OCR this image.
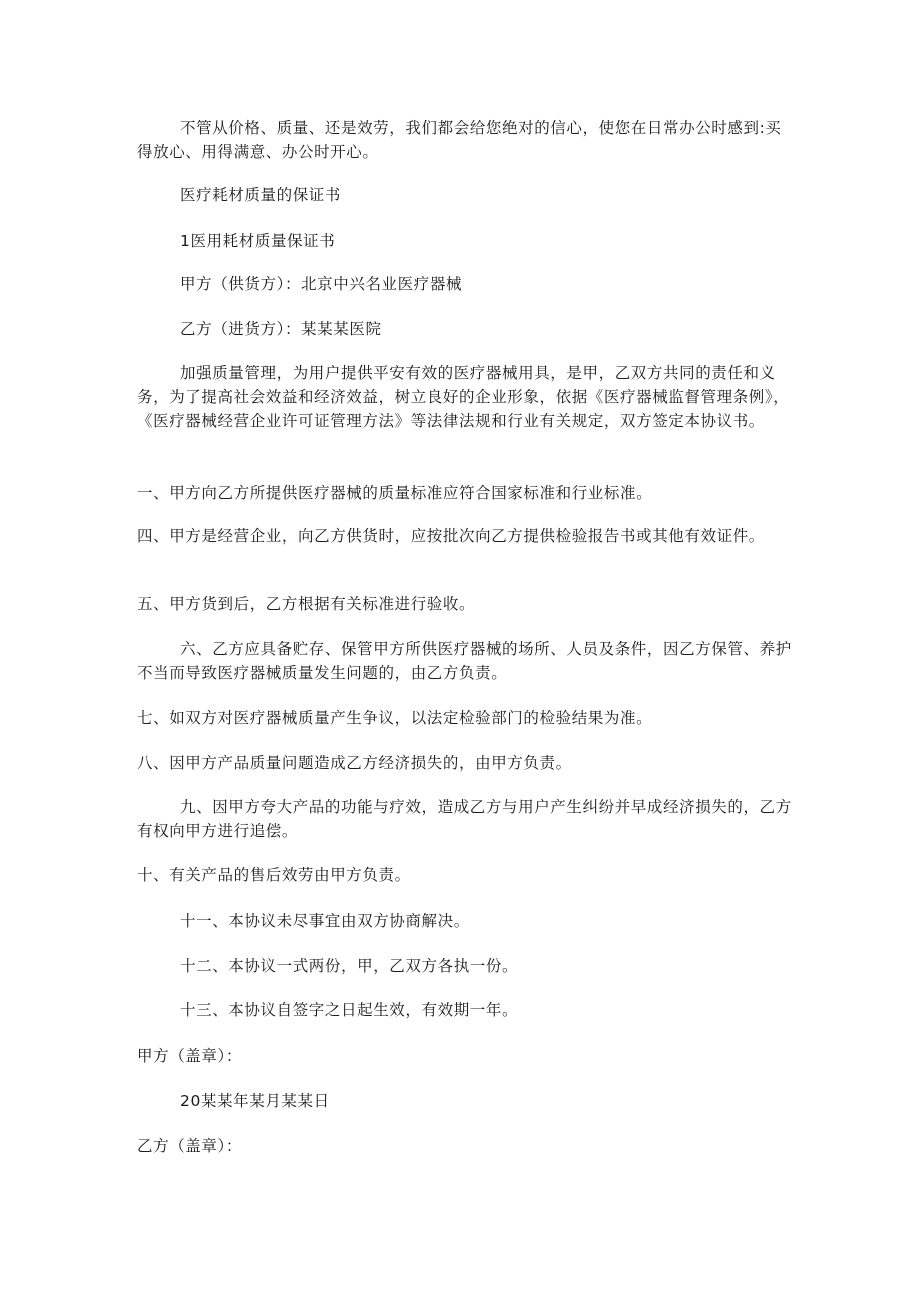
不管从价格、质量、还是效劳，我们都会给您绝对的信心，使您在日常办公时感到:买得放心、用得满意、办公时开心。

医疗耗材质量的保证书

1医用耗材质量保证书

甲方（供货方）：北京中兴名业医疗器械

乙方（进货方）：某某某医院

加强质量管理，为用户提供平安有效的医疗器械用具，是甲，乙双方共同的责任和义务，为了提高社会效益和经济效益，树立良好的企业形象，依据《医疗器械监督管理条例》，《医疗器械经营企业许可证管理方法》等法律法规和行业有关规定，双方签定本协议书。

一、甲方向乙方所提供医疗器械的质量标准应符合国家标准和行业标准。

四、甲方是经营企业，向乙方供货时，应按批次向乙方提供检验报告书或其他有效证件。

五、甲方货到后，乙方根据有关标准进行验收。

六、乙方应具备贮存、保管甲方所供医疗器械的场所、人员及条件，因乙方保管、养护不当而导致医疗器械质量发生问题的，由乙方负责。

七、如双方对医疗器械质量产生争议，以法定检验部门的检验结果为准。

八、因甲方产品质量问题造成乙方经济损失的，由甲方负责。

九、因甲方夸大产品的功能与疗效，造成乙方与用户产生纠纷并早成经济损失的，乙方有权向甲方进行追偿。

十、有关产品的售后效劳由甲方负责。

十一、本协议未尽事宜由双方协商解决。

十二、本协议一式两份，甲，乙双方各执一份。

十三、本协议自签字之日起生效，有效期一年。

甲方（盖章）：

20某某年某月某某日

乙方（盖章）：
